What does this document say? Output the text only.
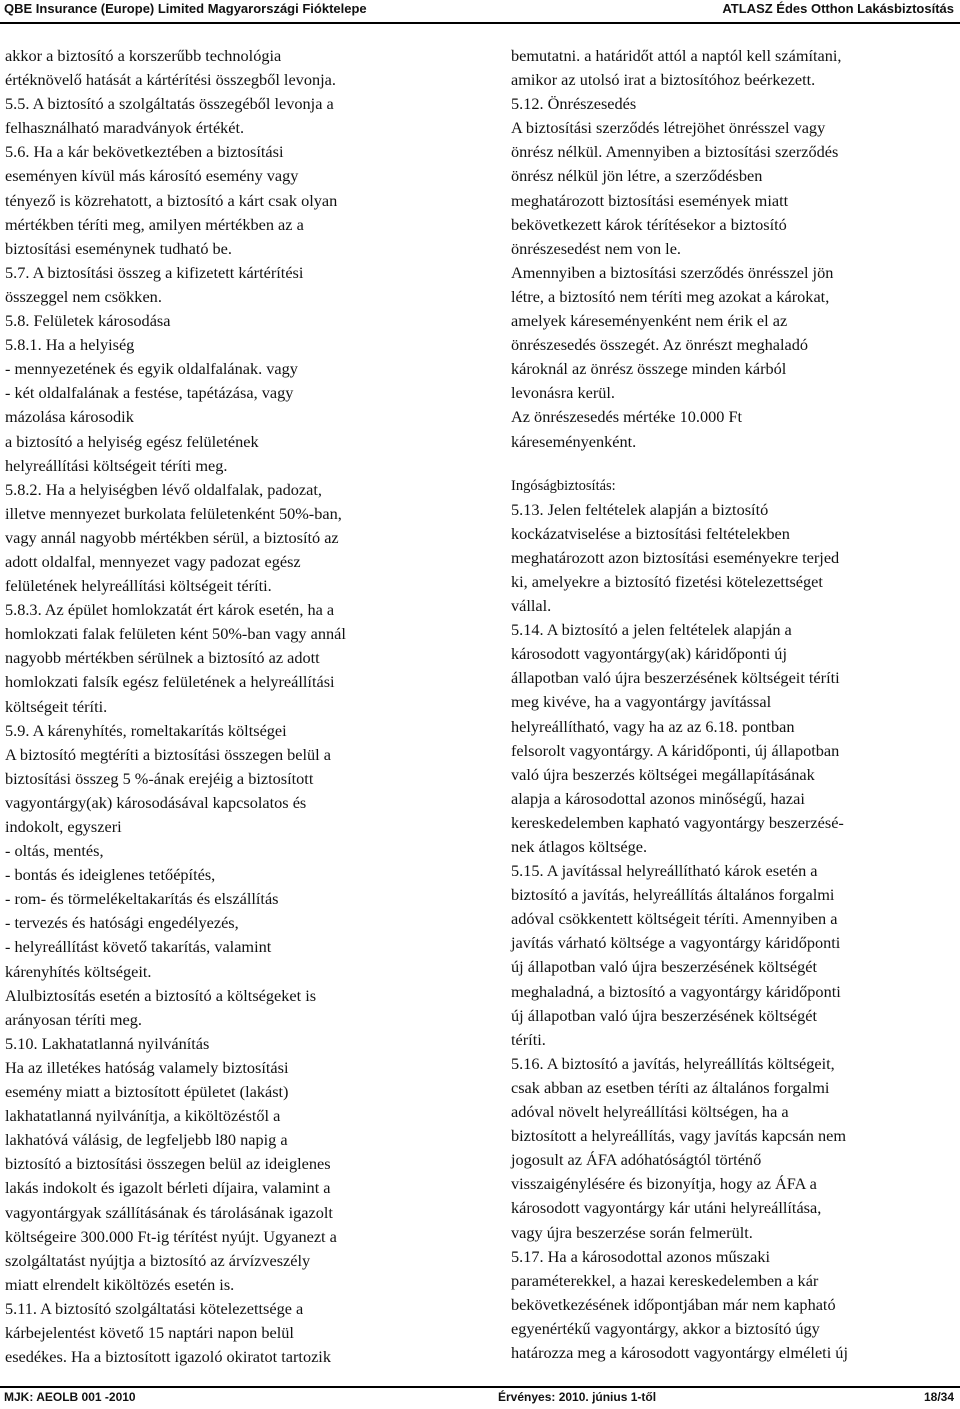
QBE Insurance (Europe) Limited Magyarországi Fióktelepe	ATLASZ Édes Otthon Lakásbiztosítás
akkor a biztosító a korszerűbb technológia
értéknövelő hatását a kártérítési összegből levonja.
5.5. A biztosító a szolgáltatás összegéből levonja a
felhasználható maradványok értékét.
5.6. Ha a kár bekövetkeztében a biztosítási
eseményen kívül más károsító esemény vagy
tényező is közrehatott, a biztosító a kárt csak olyan
mértékben téríti meg, amilyen mértékben az a
biztosítási eseménynek tudható be.
5.7. A biztosítási összeg a kifizetett kártérítési
összeggel nem csökken.
5.8. Felületek károsodása
5.8.1. Ha a helyiség
- mennyezetének és egyik oldalfalának. vagy
- két oldalfalának a festése, tapétázása, vagy
mázolása károsodik
a biztosító a helyiség egész felületének
helyreállítási költségeit téríti meg.
5.8.2. Ha a helyiségben lévő oldalfalak, padozat,
illetve mennyezet burkolata felületenként 50%-ban,
vagy annál nagyobb mértékben sérül, a biztosító az
adott oldalfal, mennyezet vagy padozat egész
felületének helyreállítási költségeit téríti.
5.8.3. Az épület homlokzatát ért károk esetén, ha a
homlokzati falak felületen ként 50%-ban vagy annál
nagyobb mértékben sérülnek a biztosító az adott
homlokzati falsík egész felületének a helyreállítási
költségeit téríti.
5.9. A kárenyhítés, romeltakarítás költségei
A biztosító megtéríti a biztosítási összegen belül a
biztosítási összeg 5 %-ának erejéig a biztosított
vagyontárgy(ak) károsodásával kapcsolatos és
indokolt, egyszeri
- oltás, mentés,
- bontás és ideiglenes tetőépítés,
- rom- és törmelékeltakarítás és elszállítás
- tervezés és hatósági engedélyezés,
- helyreállítást követő takarítás, valamint
kárenyhítés költségeit.
Alulbiztosítás esetén a biztosító a költségeket is
arányosan téríti meg.
5.10. Lakhatatlanná nyilvánítás
Ha az illetékes hatóság valamely biztosítási
esemény miatt a biztosított épületet (lakást)
lakhatatlanná nyilvánítja, a kiköltözéstől a
lakhatóvá válásig, de legfeljebb l80 napig a
biztosító a biztosítási összegen belül az ideiglenes
lakás indokolt és igazolt bérleti díjaira, valamint a
vagyontárgyak szállításának és tárolásának igazolt
költségeire 300.000 Ft-ig térítést nyújt. Ugyanezt a
szolgáltatást nyújtja a biztosító az árvízveszély
miatt elrendelt kiköltözés esetén is.
5.11. A biztosító szolgáltatási kötelezettsége a
kárbejelentést követő 15 naptári napon belül
esedékes. Ha a biztosított igazoló okiratot tartozik
bemutatni. a határidőt attól a naptól kell számítani,
amikor az utolsó irat a biztosítóhoz beérkezett.
5.12. Önrészesedés
A biztosítási szerződés létrejöhet önrésszel vagy
önrész nélkül. Amennyiben a biztosítási szerződés
önrész nélkül jön létre, a szerződésben
meghatározott biztosítási események miatt
bekövetkezett károk térítésekor a biztosító
önrészesedést nem von le.
Amennyiben a biztosítási szerződés önrésszel jön
létre, a biztosító nem téríti meg azokat a károkat,
amelyek káreseményenként nem érik el az
önrészesedés összegét. Az önrészt meghaladó
károknál az önrész összege minden kárból
levonásra kerül.
Az önrészesedés mértéke 10.000 Ft
káreseményenként.
Ingóságbiztosítás:
5.13. Jelen feltételek alapján a biztosító
kockázatviselése a biztosítási feltételekben
meghatározott azon biztosítási eseményekre terjed
ki, amelyekre a biztosító fizetési kötelezettséget
vállal.
5.14. A biztosító a jelen feltételek alapján a
károsodott vagyontárgy(ak) káridőponti új
állapotban való újra beszerzésének költségeit téríti
meg kivéve, ha a vagyontárgy javítással
helyreállítható, vagy ha az az 6.18. pontban
felsorolt vagyontárgy. A káridőponti, új állapotban
való újra beszerzés költségei megállapításának
alapja a károsodottal azonos minőségű, hazai
kereskedelemben kapható vagyontárgy beszerzésé-
nek átlagos költsége.
5.15. A javítással helyreállítható károk esetén a
biztosító a javítás, helyreállítás általános forgalmi
adóval csökkentett költségeit téríti. Amennyiben a
javítás várható költsége a vagyontárgy káridőponti
új állapotban való újra beszerzésének költségét
meghaladná, a biztosító a vagyontárgy káridőponti
új állapotban való újra beszerzésének költségét
téríti.
5.16. A biztosító a javítás, helyreállítás költségeit,
csak abban az esetben téríti az általános forgalmi
adóval növelt helyreállítási költségen, ha a
biztosított a helyreállítás, vagy javítás kapcsán nem
jogosult az ÁFA adóhatóságtól történő
visszaigénylésére és bizonyítja, hogy az ÁFA a
károsodott vagyontárgy kár utáni helyreállítása,
vagy újra beszerzése során felmerült.
5.17. Ha a károsodottal azonos műszaki
paraméterekkel, a hazai kereskedelemben a kár
bekövetkezésének időpontjában már nem kapható
egyenértékű vagyontárgy, akkor a biztosító úgy
határozza meg a károsodott vagyontárgy elméleti új
MJK: AEOLB 001 -2010	Érvényes: 2010. június 1-től	18/34
